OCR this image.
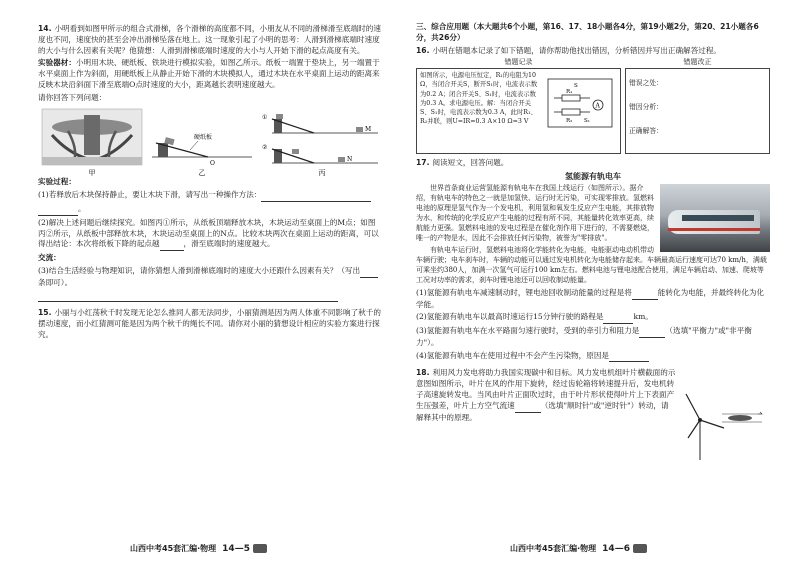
14. 小明看到如图甲所示的组合式滑梯，各个滑梯的高度都不同，小朋友从不同的滑梯滑至底端时的速度也不同，速度快的甚至会冲出滑梯坠落在地上。这一现象引起了小明的思考：人滑到滑梯底端时速度的大小与什么因素有关呢？他猜想：人滑到滑梯底端时速度的大小与人开始下滑的起点高度有关。

实验器材：小明用木块、硬纸板、铁块进行模拟实验，如图乙所示。纸板一端置于垫块上，另一端置于水平桌面上作为斜面，用硬纸板上从静止开始下滑的木块模拟人，通过木块在水平桌面上运动的距离来反映木块沿斜面下滑至底端O点时速度的大小，距离越长表明速度越大。

请你回答下列问题：

甲
O
硬纸板
乙
①
M
②
N
丙

实验过程：

(1)若释放后木块保持静止，要让木块下滑，请写出一种操作方法：

。

(2)解决上述问题后继续探究。如图丙①所示，从纸板顶端释放木块，木块运动至桌面上的M点；如图丙②所示，从纸板中部释放木块，木块运动至桌面上的N点。比较木块两次在桌面上运动的距离，可以得出结论：本次将纸板下降的起点越	，滑至底端时的速度越大。

交流：

(3)结合生活经验与物理知识，请你猜想人滑到滑梯底端时的速度大小还跟什么因素有关？（写出 条即可）。

15. 小丽与小红荡秋千时发现无论怎么推同人都无法同步，小丽猜测是因为两人体重不同影响了秋千的摆动速度，而小红猜测可能是因为两个秋千的绳长不同。请你对小丽的猜想设计相应的实验方案进行探究。

山西中考45套汇编·物理 14—5

三、综合应用题（本大题共6个小题，第16、17、18小题各4分，第19小题2分，第20、21小题各6分，共26分）

16. 小明在错题本记录了如下错题，请你帮助他找出错因，分析错因并写出正确解答过程。

错题记录
如图所示，电源电压恒定，R₁的电阻为10 Ω，当闭合开关S，断开S₁时，电流表示数为0.2 A；闭合开关S、S₁时，电流表示数为0.3 A。求电源电压。解：当闭合开关S、S₁时，电流表示数为0.3 A，此时R₁、R₂并联，则U=IR=0.3 A×10 Ω=3 V
A
R₁
R₂
S
S₁
错题改正
错误之处：
错因分析：
正确解答：

17. 阅读短文，回答问题。

氢能源有轨电车

世界首条商业运营氢能源有轨电车在我国上线运行（如图所示）。据介绍，有轨电车的特色之一就是加氢快、运行时无污染，可实现零排放。氢燃料电池的原理是氢气作为一个发电机，利用氢和氧发生反应产生电能，其排放物为水，和传统的化学反应产生电能的过程有所不同，其能量转化效率更高，续航能力更强。氢燃料电池的发电过程是在催化剂作用下进行的，不需要燃烧，唯一的产物是水，因此不会排放任何污染物，被誉为"零排放"。

有轨电车运行时，氢燃料电池将化学能转化为电能，电能驱动电动机带动车辆行驶；电车刹车时，车辆的动能可以通过发电机转化为电能储存起来。车辆最高运行速度可达70 km/h，满载可乘坐约380人，加满一次氢气可运行100 km左右。燃料电池与锂电池配合使用，满足车辆启动、加速、爬坡等工况对功率的需求，刹车时锂电池还可以回收制动能量。

(1)氢能源有轨电车减速制动时，锂电池回收制动能量的过程是将	能转化为电能，并最终转化为化学能。

(2)氢能源有轨电车以最高时速运行15分钟行驶的路程是	km。

(3)氢能源有轨电车在水平路面匀速行驶时，受到的牵引力和阻力是	（选填"平衡力"或"非平衡力"）。

(4)氢能源有轨电车在使用过程中不会产生污染物，原因是

18. 利用风力发电将助力我国实现碳中和目标。风力发电机组叶片横截面的示意图如图所示，叶片在风的作用下旋转，经过齿轮箱将转速提升后，发电机转子高速旋转发电。当风由叶片正面吹过时，由于叶片形状使得叶片上下表面产生压强差，叶片上方空气流速	（选填"顺时针"或"逆时针"）转动，请解释其中的原理。

山西中考45套汇编·物理 14—6
